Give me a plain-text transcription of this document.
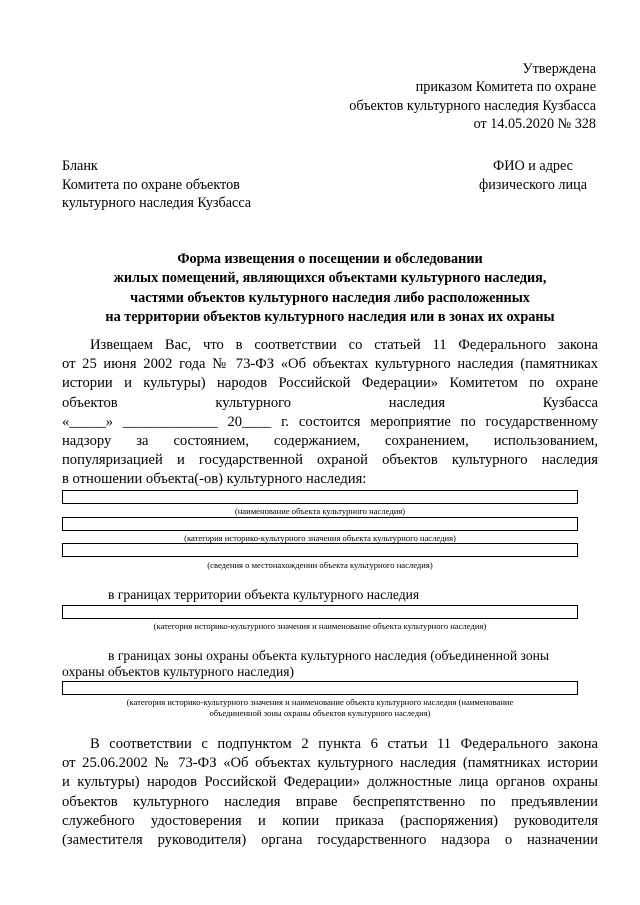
Утверждена
приказом Комитета по охране
объектов культурного наследия Кузбасса
от 14.05.2020 № 328
Бланк
Комитета по охране объектов
культурного наследия Кузбасса
ФИО и адрес
физического лица
Форма извещения о посещении и обследовании
жилых помещений, являющихся объектами культурного наследия,
частями объектов культурного наследия либо расположенных
на территории объектов культурного наследия или в зонах их охраны
Извещаем Вас, что в соответствии со статьей 11 Федерального закона
от 25 июня 2002 года № 73-ФЗ «Об объектах культурного наследия (памятниках
истории и культуры) народов Российской Федерации» Комитетом по охране
объектов культурного наследия Кузбасса
«_____» _____________ 20____ г. состоится мероприятие по государственному
надзору за состоянием, содержанием, сохранением, использованием,
популяризацией и государственной охраной объектов культурного наследия
в отношении объекта(-ов) культурного наследия:
(наименование объекта культурного наследия)
(категория историко-культурного значения объекта культурного наследия)
(сведения о местонахождении объекта культурного наследия)
в границах территории объекта культурного наследия
(категория историко-культурного значения и наименование объекта культурного наследия)
в границах зоны охраны объекта культурного наследия (объединенной зоны
охраны объектов культурного наследия)
(категория историко-культурного значения и наименование объекта культурного наследия (наименование
объединенной зоны охраны объектов культурного наследия)
В соответствии с подпунктом 2 пункта 6 статьи 11 Федерального закона
от 25.06.2002 № 73-ФЗ «Об объектах культурного наследия (памятниках истории
и культуры) народов Российской Федерации» должностные лица органов охраны
объектов культурного наследия вправе беспрепятственно по предъявлении
служебного удостоверения и копии приказа (распоряжения) руководителя
(заместителя руководителя) органа государственного надзора о назначении
